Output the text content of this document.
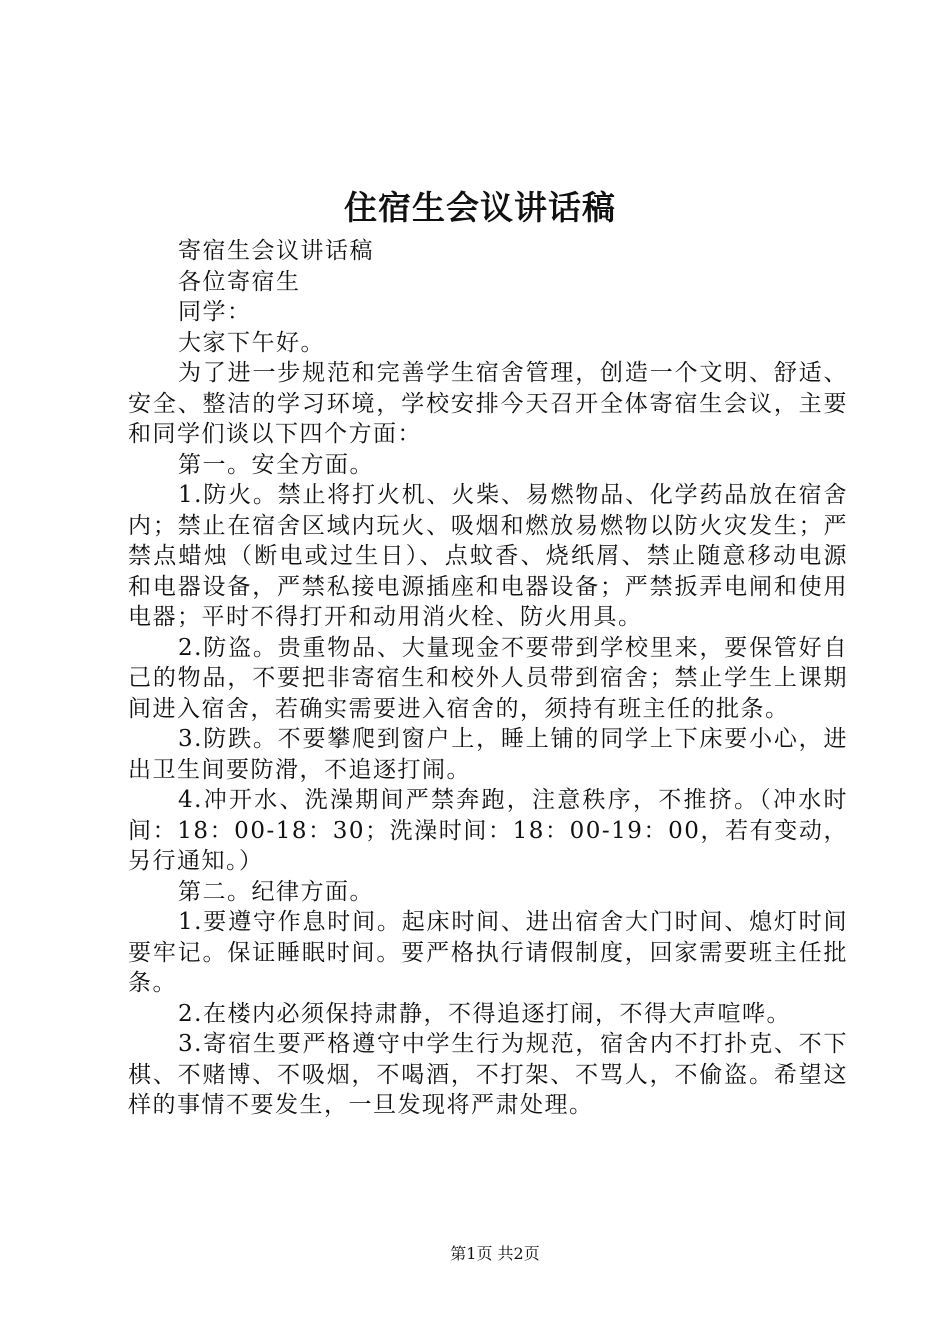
住宿生会议讲话稿

寄宿生会议讲话稿

各位寄宿生

同学：

大家下午好。

为了进一步规范和完善学生宿舍管理，创造一个文明、舒适、安全、整洁的学习环境，学校安排今天召开全体寄宿生会议，主要和同学们谈以下四个方面：

第一。安全方面。

1.防火。禁止将打火机、火柴、易燃物品、化学药品放在宿舍内；禁止在宿舍区域内玩火、吸烟和燃放易燃物以防火灾发生；严禁点蜡烛（断电或过生日）、点蚊香、烧纸屑、禁止随意移动电源和电器设备，严禁私接电源插座和电器设备；严禁扳弄电闸和使用电器；平时不得打开和动用消火栓、防火用具。

2.防盗。贵重物品、大量现金不要带到学校里来，要保管好自己的物品，不要把非寄宿生和校外人员带到宿舍；禁止学生上课期间进入宿舍，若确实需要进入宿舍的，须持有班主任的批条。

3.防跌。不要攀爬到窗户上，睡上铺的同学上下床要小心，进出卫生间要防滑，不追逐打闹。

4.冲开水、洗澡期间严禁奔跑，注意秩序，不推挤。（冲水时间：18：00-18：30；洗澡时间：18：00-19：00，若有变动，另行通知。）

第二。纪律方面。

1.要遵守作息时间。起床时间、进出宿舍大门时间、熄灯时间要牢记。保证睡眠时间。要严格执行请假制度，回家需要班主任批条。

2.在楼内必须保持肃静，不得追逐打闹，不得大声喧哗。

3.寄宿生要严格遵守中学生行为规范，宿舍内不打扑克、不下棋、不赌博、不吸烟，不喝酒，不打架、不骂人，不偷盗。希望这样的事情不要发生，一旦发现将严肃处理。

第1页 共2页
